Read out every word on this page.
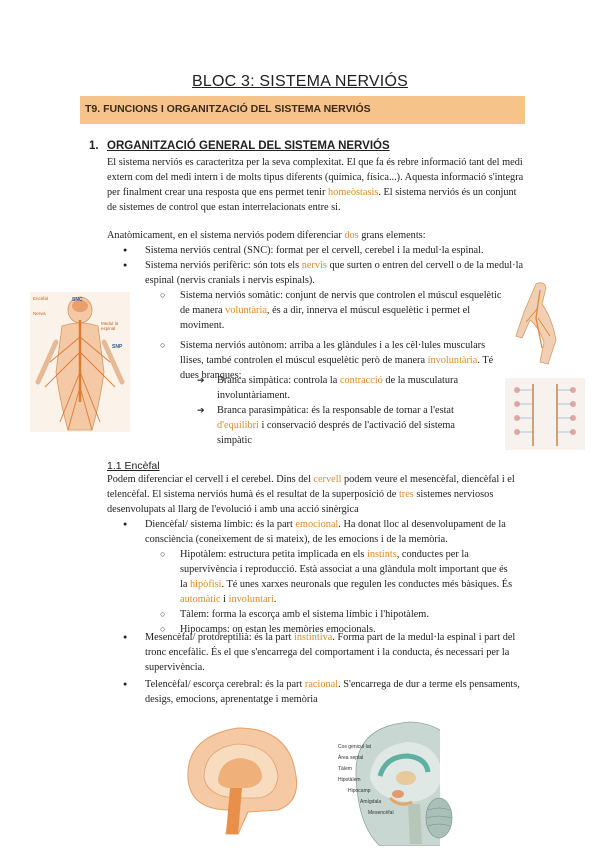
BLOC 3: SISTEMA NERVIÓS
T9. FUNCIONS I ORGANITZACIÓ DEL SISTEMA NERVIÓS
1. ORGANITZACIÓ GENERAL DEL SISTEMA NERVIÓS
El sistema nerviós es caracteritza per la seva complexitat. El que fa és rebre informació tant del medi extern com del medi intern i de molts tipus diferents (química, física...). Aquesta informació s'integra per finalment crear una resposta que ens permet tenir homeòstasis. El sistema nerviós és un conjunt de sistemes de control que estan interrelacionats entre si.
Anatòmicament, en el sistema nerviós podem diferenciar dos grans elements:
● Sistema nerviós central (SNC): format per el cervell, cerebel i la medul·la espinal.
● Sistema nerviós perifèric: són tots els nervis que surten o entren del cervell o de la medul·la espinal (nervis cranials i nervis espinals).
○ Sistema nerviós somàtic: conjunt de nervis que controlen el múscul esquelètic de manera voluntària, és a dir, innerva el múscul esquelètic i permet el moviment.
○ Sistema nerviós autònom: arriba a les glàndules i a les cèl·lules musculars llises, també controlen el múscul esquelètic però de manera involuntària. Té dues branques:
➔ Branca simpàtica: controla la contracció de la musculatura involuntàriament.
➔ Branca parasimpàtica: és la responsable de tornar a l'estat d'equilibri i conservació després de l'activació del sistema simpàtic
Encèfal	SNC
Nervis
Medul·la espinal
SNP
1.1 Encèfal
Podem diferenciar el cervell i el cerebel. Dins del cervell podem veure el mesencèfal, diencèfal i el telencèfal. El sistema nerviós humà és el resultat de la superposició de tres sistemes nerviosos desenvolupats al llarg de l'evolució i amb una acció sinèrgica
● Diencèfal/ sistema límbic: és la part emocional. Ha donat lloc al desenvolupament de la consciència (coneixement de si mateix), de les emocions i de la memòria.
○ Hipotàlem: estructura petita implicada en els instints, conductes per la supervivència i reproducció. Està associat a una glàndula molt important que és la hipòfisi. Té unes xarxes neuronals que regulen les conductes més bàsiques. És automàtic i involuntari.
○ Tàlem: forma la escorça amb el sistema límbic i l'hipotàlem.
○ Hipocamps: on estan les memòries emocionals.
● Mesencèfal/ protoreptilià: és la part instintiva. Forma part de la medul·la espinal i part del tronc encefàlic. És el que s'encarrega del comportament i la conducta, és necessari per la supervivència.
● Telencèfal/ escorça cerebral: és la part racional. S'encarrega de dur a terme els pensaments, desigs, emocions, aprenentatge i memòria
Cos genicul·lat
Àrea septal
Tàlem
Hipotàlem
Hipocamp
Amígdala
Mesencèfal
